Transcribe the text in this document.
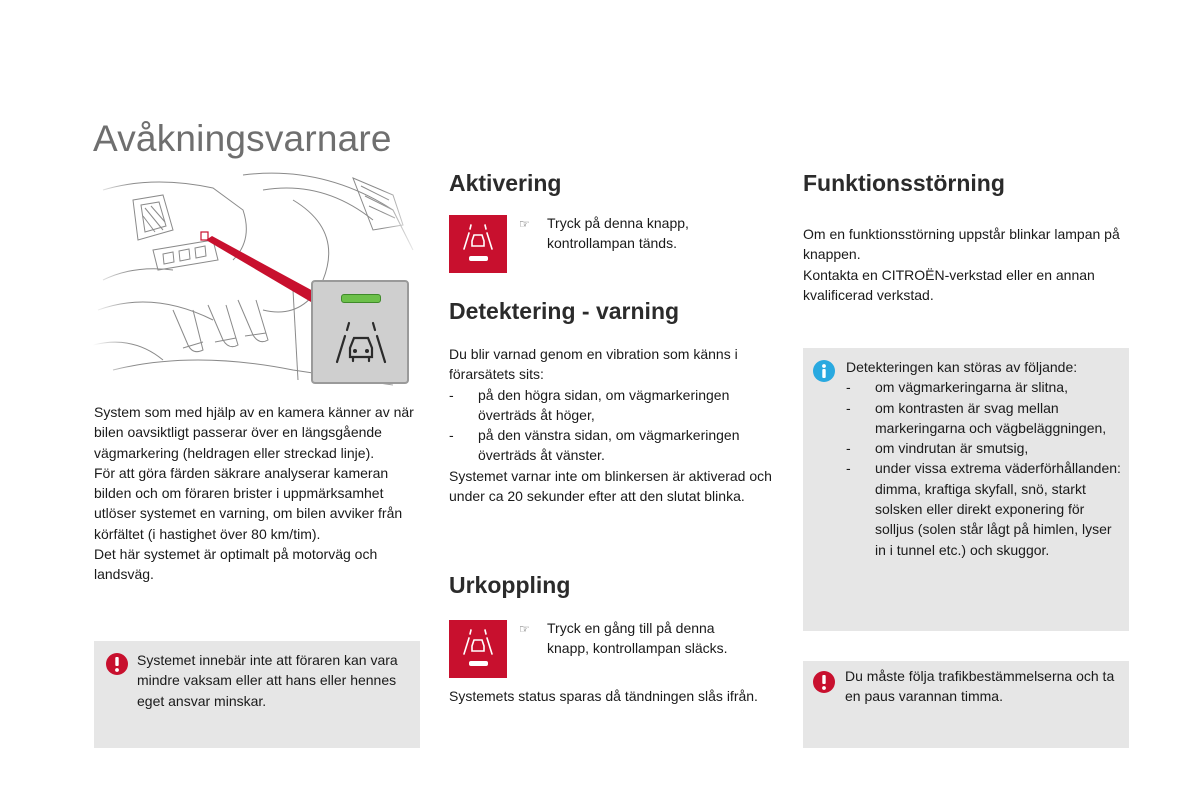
Avåkningsvarnare

System som med hjälp av en kamera känner av när bilen oavsiktligt passerar över en längsgående vägmarkering (heldragen eller streckad linje).

För att göra färden säkrare analyserar kameran bilden och om föraren brister i uppmärksamhet utlöser systemet en varning, om bilen avviker från körfältet (i hastighet över 80 km/tim).

Det här systemet är optimalt på motorväg och landsväg.

Systemet innebär inte att föraren kan vara mindre vaksam eller att hans eller hennes eget ansvar minskar.
Aktivering
☞	Tryck på denna knapp,

kontrollampan tänds.

Detektering - varning

Du blir varnad genom en vibration som känns i förarsätets sits:

-	på den högra sidan, om vägmarkeringen överträds åt höger,
-	på den vänstra sidan, om vägmarkeringen överträds åt vänster.

Systemet varnar inte om blinkersen är aktiverad och under ca 20 sekunder efter att den slutat blinka.

Urkoppling
☞	Tryck en gång till på denna

knapp, kontrollampan släcks.

Systemets status sparas då tändningen slås ifrån.
Funktionsstörning

Om en funktionsstörning uppstår blinkar lampan på knappen.

Kontakta en CITROËN-verkstad eller en annan kvalificerad verkstad.

Detekteringen kan störas av följande:

-	om vägmarkeringarna är slitna,
-	om kontrasten är svag mellan markeringarna och vägbeläggningen,
-	om vindrutan är smutsig,
-	under vissa extrema väderförhållanden: dimma, kraftiga skyfall, snö, starkt solsken eller direkt exponering för solljus (solen står lågt på himlen, lyser in i tunnel etc.) och skuggor.
Du måste följa trafikbestämmelserna och ta en paus varannan timma.
